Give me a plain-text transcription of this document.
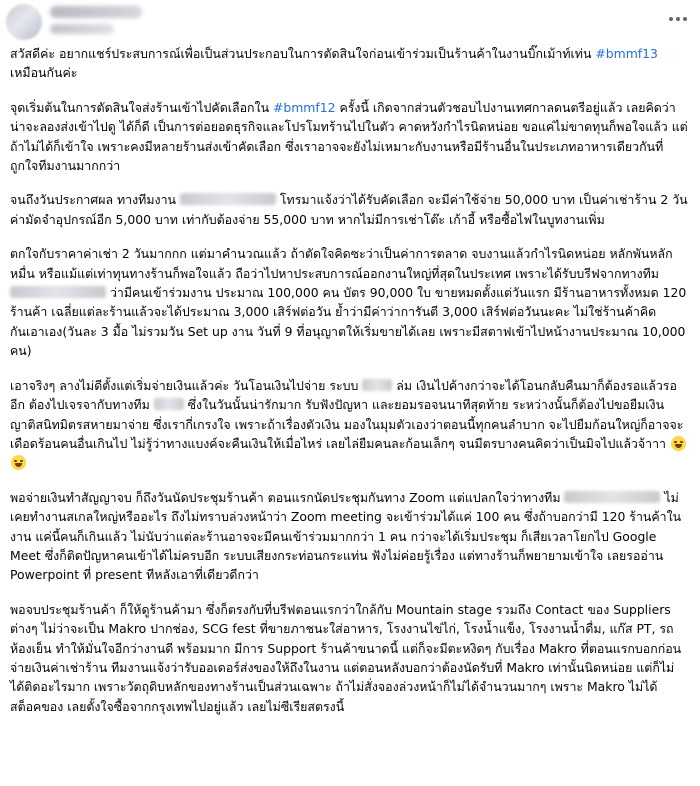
สวัสดีค่ะ อยากแชร์ประสบการณ์เพื่อเป็นส่วนประกอบในการตัดสินใจก่อนเข้าร่วมเป็นร้านค้าในงานบิ๊กเม้าท์เท่น #bmmf13 เหมือนกันค่ะ

จุดเริ่มต้นในการตัดสินใจส่งร้านเข้าไปคัดเลือกใน #bmmf12 ครั้งนี้ เกิดจากส่วนตัวชอบไปงานเทศกาลดนตรีอยู่แล้ว เลยคิดว่าน่าจะลองส่งเข้าไปดู ได้ก็ดี เป็นการต่อยอดธุรกิจและโปรโมทร้านไปในตัว คาดหวังกำไรนิดหน่อย ขอแค่ไม่ขาดทุนก็พอใจแล้ว แต่ถ้าไม่ได้ก็เข้าใจ เพราะคงมีหลายร้านส่งเข้าคัดเลือก ซึ่งเราอาจจะยังไม่เหมาะกับงานหรือมีร้านอื่นในประเภทอาหารเดียวกันที่ถูกใจทีมงานมากกว่า

จนถึงวันประกาศผล ทางทีมงาน	โทรมาแจ้งว่าได้รับคัดเลือก จะมีค่าใช้จ่าย 50,000 บาท เป็นค่าเช่าร้าน 2 วัน ค่ามัดจำอุปกรณ์อีก 5,000 บาท เท่ากับต้องจ่าย 55,000 บาท หากไม่มีการเช่าโต๊ะ เก้าอี้ หรือซื้อไฟในบูทงานเพิ่ม

ตกใจกับราคาค่าเช่า 2 วันมากกก แต่มาคำนวณแล้ว ถ้าตัดใจคิดซะว่าเป็นค่าการตลาด จบงานแล้วกำไรนิดหน่อย หลักพันหลักหมื่น หรือแม้แต่เท่าทุนทางร้านก็พอใจแล้ว ถือว่าไปหาประสบการณ์ออกงานใหญ่ที่สุดในประเทศ เพราะได้รับบรีฟจากทางทีม  ว่ามีคนเข้าร่วมงาน ประมาณ 100,000 คน บัตร 90,000 ใบ ขายหมดตั้งแต่วันแรก มีร้านอาหารทั้งหมด 120 ร้านค้า เฉลี่ยแต่ละร้านแล้วจะได้ประมาณ 3,000 เสิร์ฟต่อวัน ย้ำว่ามีค่าว่าการันตี 3,000 เสิร์ฟต่อวันนะคะ ไม่ใช่ร้านค้าคิดกันเอาเอง(วันละ 3 มื้อ ไม่รวมวัน Set up งาน วันที่ 9 ที่อนุญาตให้เริ่มขายได้เลย เพราะมีสตาฟเข้าไปหน้างานประมาณ 10,000 คน)

เอาจริงๆ ลางไม่ดีตั้งแต่เริ่มจ่ายเงินแล้วค่ะ วันโอนเงินไปจ่าย ระบบ  ล่ม เงินไปค้างกว่าจะได้โอนกลับคืนมาก็ต้องรอแล้วรออีก ต้องไปเจรจากับทางทีม  ซึ่งในวันนั้นน่ารักมาก รับฟังปัญหา และยอมรอจนนาทีสุดท้าย ระหว่างนั้นก็ต้องไปขอยืมเงินญาติสนิทมิตรสหายมาจ่าย ซึ่งเรากี่เกรงใจ เพราะถ้าเรื่องตัวเงิน มองในมุมตัวเองว่าตอนนี้ทุกคนลำบาก จะไปยืมก้อนใหญ่ก็อาจจะเดือดร้อนคนอื่นเกินไป ไม่รู้ว่าทางแบงค์จะคืนเงินให้เมื่อไหร่ เลยไล่ยืมคนละก้อนเล็กๆ จนมีตรบางคนคิดว่าเป็นมิจไปแล้วจ้าาา

พอจ่ายเงินทำสัญญาจบ ก็ถึงวันนัดประชุมร้านค้า ตอนแรกนัดประชุมกันทาง Zoom แต่แปลกใจว่าทางทีม	ไม่เคยทำงานสเกลใหญ่หรืออะไร ถึงไม่ทราบล่วงหน้าว่า Zoom meeting จะเข้าร่วมได้แค่ 100 คน ซึ่งถ้าบอกว่ามี 120 ร้านค้าในงาน แค่นี้คนก็เกินแล้ว ไม่นับว่าแต่ละร้านอาจจะมีคนเข้าร่วมมากกว่า 1 คน กว่าจะได้เริ่มประชุม ก็เสียเวลาโยกไป Google Meet ซึ่งก็ติดปัญหาคนเข้าได้ไม่ครบอีก ระบบเสียงกระท่อนกระแท่น ฟังไม่ค่อยรู้เรื่อง แต่ทางร้านก็พยายามเข้าใจ เลยรออ่าน Powerpoint ที่ present ทีหลังเอาที่เดียวดีกว่า

พอจบประชุมร้านค้า ก็ให้ดูร้านค้ามา ซึ่งก็ตรงกับที่บรีฟตอนแรกว่าใกล้กับ Mountain stage รวมถึง Contact ของ Suppliers ต่างๆ ไม่ว่าจะเป็น Makro ปากช่อง, SCG fest ที่ขายภาชนะใส่อาหาร, โรงงานไข่ไก่, โรงน้ำแข็ง, โรงงานน้ำดื่ม, แก๊ส PT, รถห้องเย็น ทำให้มั่นใจอีกว่างานดี พร้อมมาก มีการ Support ร้านค้าขนาดนี้ แต่ก็จะมีตะหงิดๆ กับเรื่อง Makro ที่ตอนแรกบอกก่อนจ่ายเงินค่าเช่าร้าน ทีมงานแจ้งว่ารับออเดอร์ส่งของให้ถึงในงาน แต่ตอนหลังบอกว่าต้องนัดรับที่ Makro เท่านั้นนิดหน่อย แต่ก็ไม่ได้ติดอะไรมาก เพราะวัตถุดิบหลักของทางร้านเป็นส่วนเฉพาะ ถ้าไม่สั่งจองล่วงหน้าก็ไม่ได้จำนวนมากๆ เพราะ Makro ไม่ได้สต็อคของ เลยตั้งใจซื้อจากกรุงเทพไปอยู่แล้ว เลยไม่ซีเรียสตรงนี้
